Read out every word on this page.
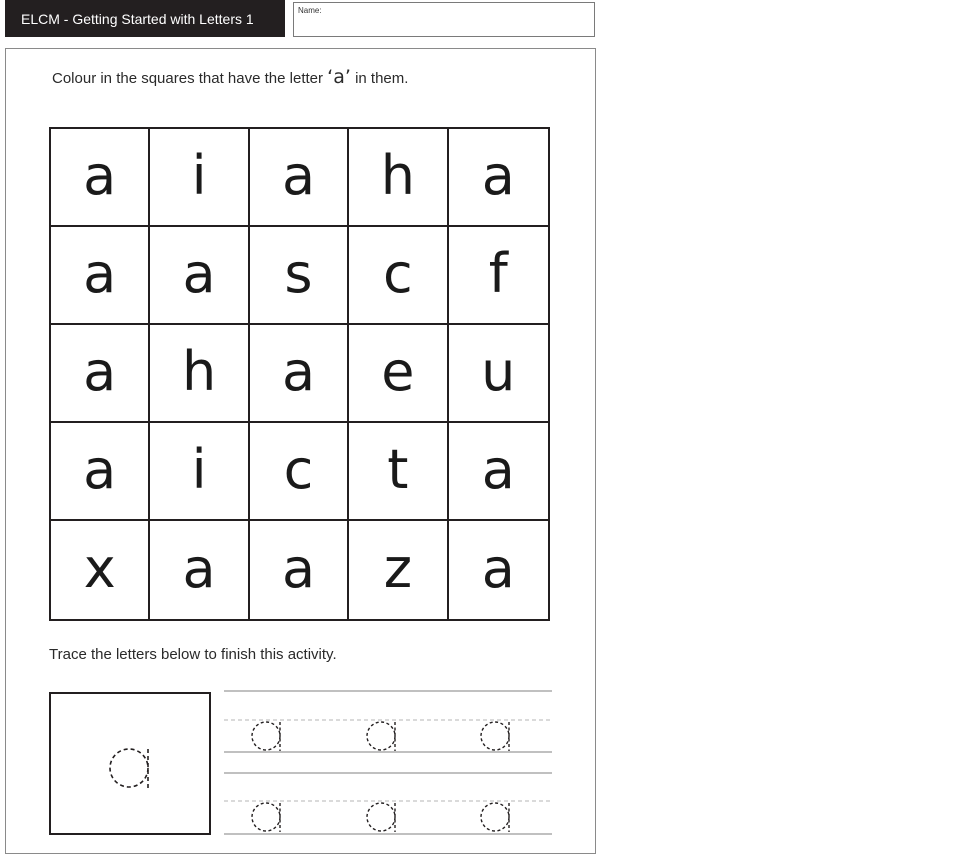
ELCM - Getting Started with Letters 1	Name:
Colour in the squares that have the letter ‘a’ in them.
a i a h a
a a s c f
a h a e u
a i c t a
x a a z a
Trace the letters below to finish this activity.
